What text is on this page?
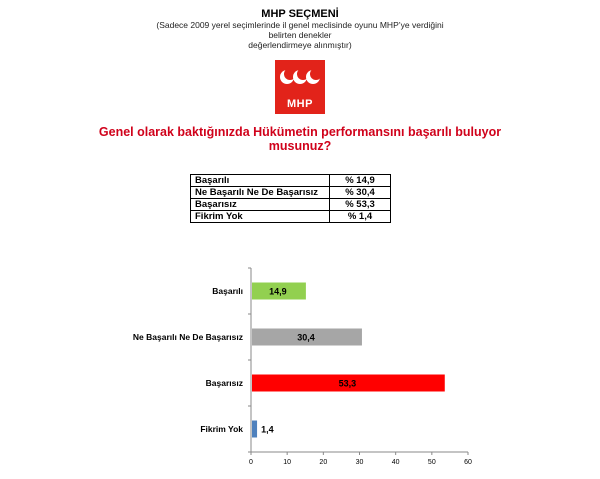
MHP SEÇMENİ
(Sadece 2009 yerel seçimlerinde il genel meclisinde oyunu MHP’ye verdiğini belirten denekler
değerlendirmeye alınmıştır)
MHP
Genel olarak baktığınızda Hükümetin performansını başarılı buluyor
musunuz?
Başarılı	% 14,9
Ne Başarılı Ne De Başarısız	% 30,4
Başarısız	% 53,3
Fikrim Yok	% 1,4
0	10	20	30	40	50	60
Başarılı	14,9
Ne Başarılı Ne De Başarısız	30,4
Başarısız	53,3
Fikrim Yok 1,4
